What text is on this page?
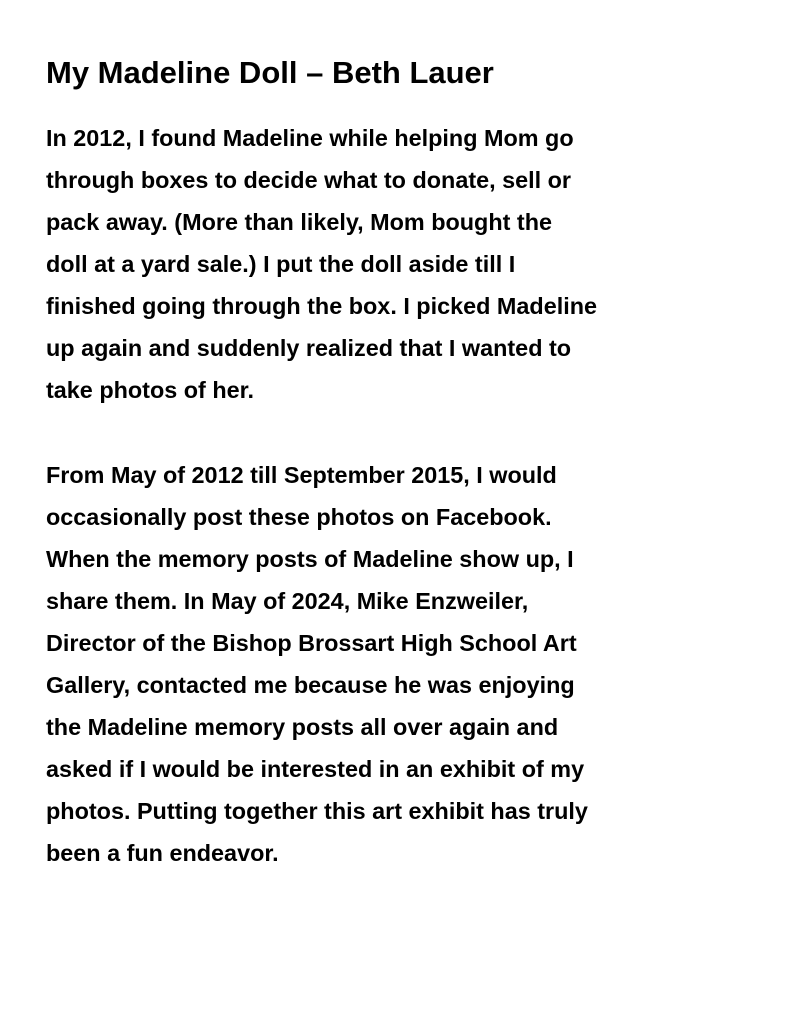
My Madeline Doll – Beth Lauer

In 2012, I found Madeline while helping Mom go

through boxes to decide what to donate, sell or

pack away. (More than likely, Mom bought the

doll at a yard sale.) I put the doll aside till I

finished going through the box. I picked Madeline

up again and suddenly realized that I wanted to

take photos of her.

From May of 2012 till September 2015, I would

occasionally post these photos on Facebook.

When the memory posts of Madeline show up, I

share them. In May of 2024, Mike Enzweiler,

Director of the Bishop Brossart High School Art

Gallery, contacted me because he was enjoying

the Madeline memory posts all over again and

asked if I would be interested in an exhibit of my

photos. Putting together this art exhibit has truly

been a fun endeavor.
